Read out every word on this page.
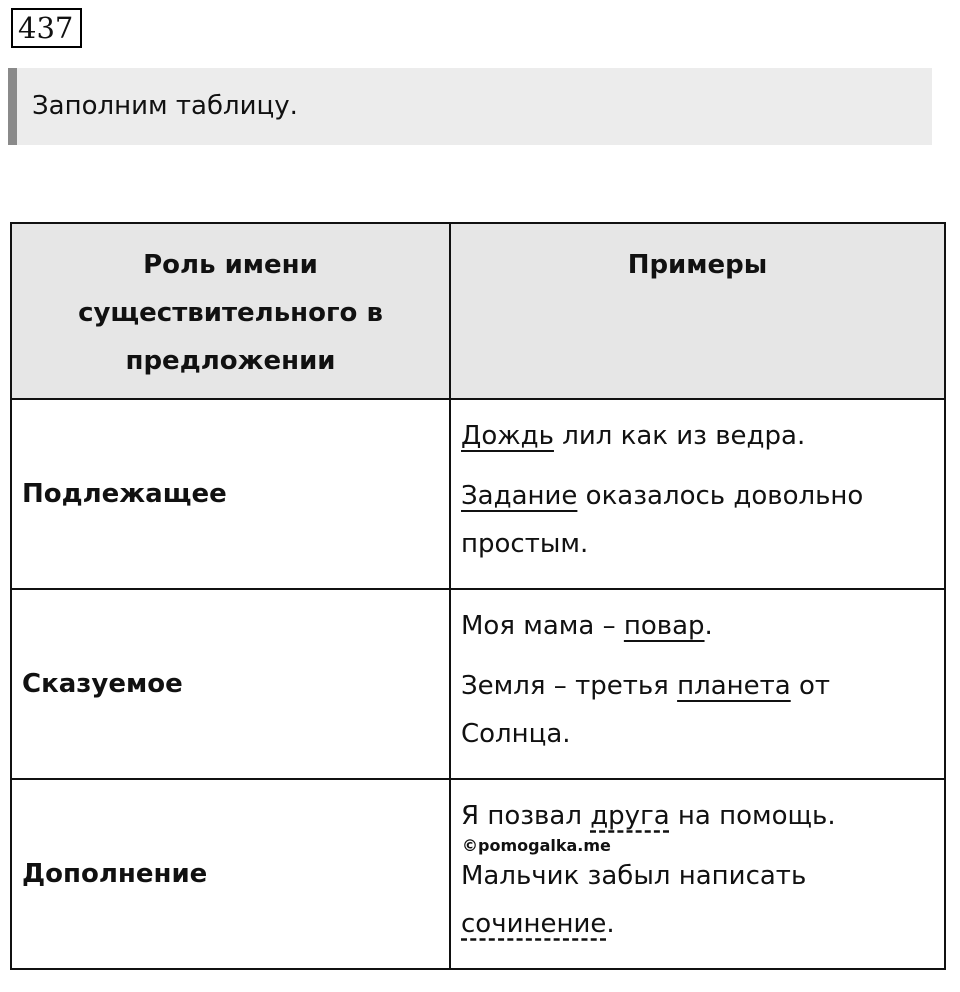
437
Заполним таблицу.
Роль имени существительного в предложении	Примеры
Подлежащее	Дождь лил как из ведра.

Задание оказалось довольно простым.

Сказуемое	Моя мама – повар.

Земля – третья планета от Солнца.

Дополнение	Я позвал друга на помощь.

Мальчик забыл написать сочинение.

©pomogalka.me
